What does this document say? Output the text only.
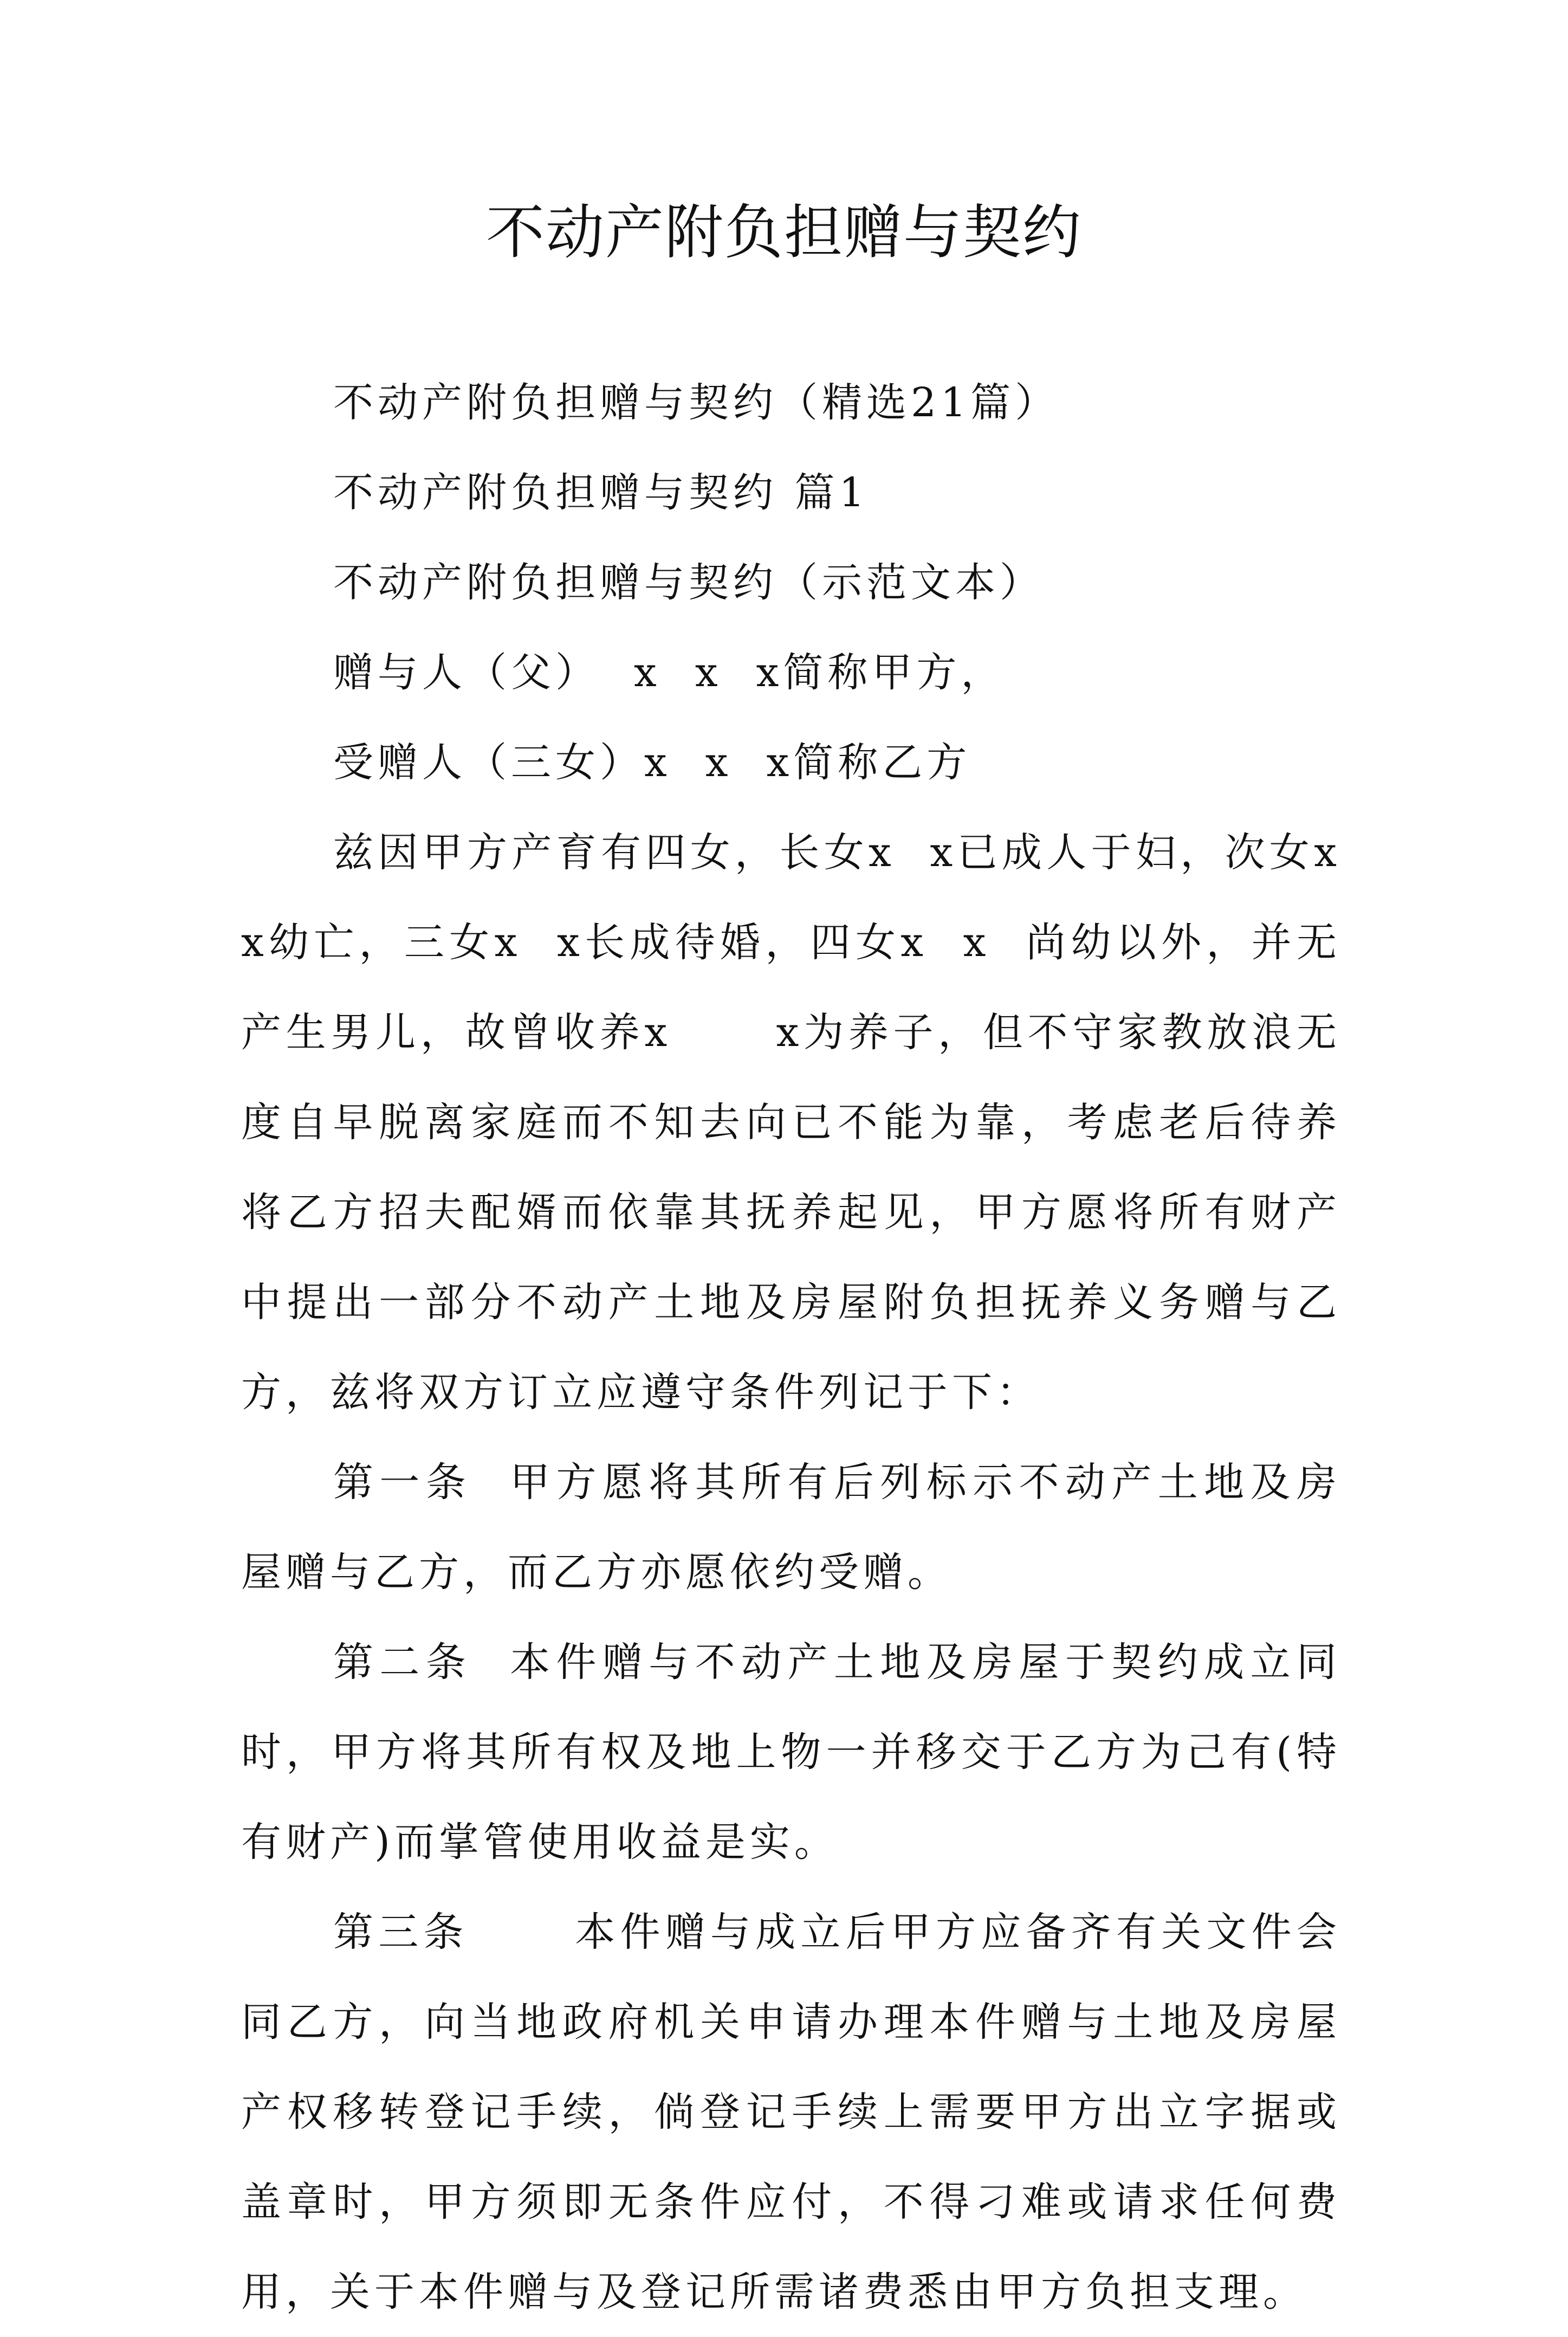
不动产附负担赠与契约

不动产附负担赠与契约（精选21篇）

不动产附负担赠与契约 篇1

不动产附负担赠与契约（示范文本）

赠与人（父）  x  x  x简称甲方，

受赠人（三女）x  x  x简称乙方

兹因甲方产育有四女，长女x  x已成人于妇，次女x  x幼亡，三女x  x长成待婚，四女x  x  尚幼以外，并无产生男儿，故曾收养x      x为养子，但不守家教放浪无度自早脱离家庭而不知去向已不能为靠，考虑老后待养将乙方招夫配婿而依靠其抚养起见，甲方愿将所有财产中提出一部分不动产土地及房屋附负担抚养义务赠与乙方，兹将双方订立应遵守条件列记于下：

第一条  甲方愿将其所有后列标示不动产土地及房屋赠与乙方，而乙方亦愿依约受赠。

第二条  本件赠与不动产土地及房屋于契约成立同时，甲方将其所有权及地上物一并移交于乙方为己有(特有财产)而掌管使用收益是实。

第三条      本件赠与成立后甲方应备齐有关文件会同乙方，向当地政府机关申请办理本件赠与土地及房屋产权移转登记手续，倘登记手续上需要甲方出立字据或盖章时，甲方须即无条件应付，不得刁难或请求任何费用，关于本件赠与及登记所需诸费悉由甲方负担支理。
